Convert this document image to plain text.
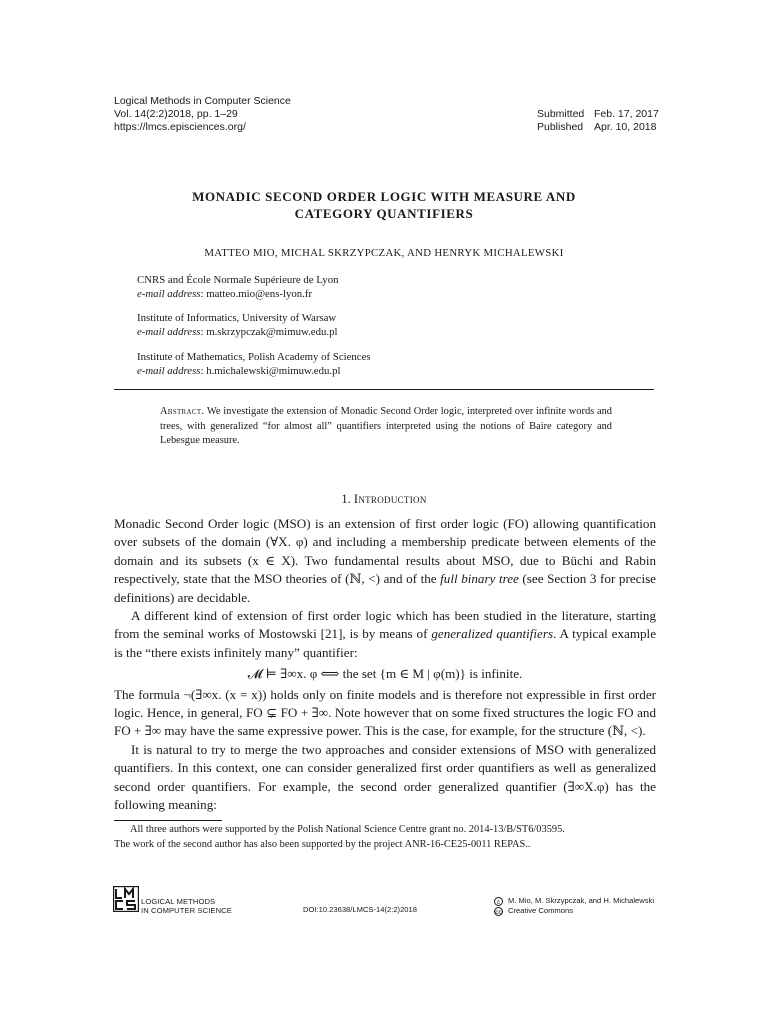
Logical Methods in Computer Science
Vol. 14(2:2)2018, pp. 1–29
https://lmcs.episciences.org/
Submitted Feb. 17, 2017
Published	Apr. 10, 2018
MONADIC SECOND ORDER LOGIC WITH MEASURE AND
CATEGORY QUANTIFIERS
MATTEO MIO, MICHAL SKRZYPCZAK, AND HENRYK MICHALEWSKI
CNRS and École Normale Supérieure de Lyon
e-mail address: matteo.mio@ens-lyon.fr
Institute of Informatics, University of Warsaw
e-mail address: m.skrzypczak@mimuw.edu.pl
Institute of Mathematics, Polish Academy of Sciences
e-mail address: h.michalewski@mimuw.edu.pl
Abstract. We investigate the extension of Monadic Second Order logic, interpreted over infinite words and trees, with generalized “for almost all” quantifiers interpreted using the notions of Baire category and Lebesgue measure.
1. Introduction

Monadic Second Order logic (MSO) is an extension of first order logic (FO) allowing quantification over subsets of the domain (∀X. φ) and including a membership predicate between elements of the domain and its subsets (x ∈ X). Two fundamental results about MSO, due to Büchi and Rabin respectively, state that the MSO theories of (ℕ, <) and of the full binary tree (see Section 3 for precise definitions) are decidable.

A different kind of extension of first order logic which has been studied in the literature, starting from the seminal works of Mostowski [21], is by means of generalized quantifiers. A typical example is the “there exists infinitely many” quantifier:

𝓜 ⊨ ∃∞x. φ ⟺ the set {m ∈ M | φ(m)} is infinite.

The formula ¬(∃∞x. (x = x)) holds only on finite models and is therefore not expressible in first order logic. Hence, in general, FO ⊊ FO + ∃∞. Note however that on some fixed structures the logic FO and FO + ∃∞ may have the same expressive power. This is the case, for example, for the structure (ℕ, <).

It is natural to try to merge the two approaches and consider extensions of MSO with generalized quantifiers. In this context, one can consider generalized first order quantifiers as well as generalized second order quantifiers. For example, the second order generalized quantifier (∃∞X.φ) has the following meaning:

All three authors were supported by the Polish National Science Centre grant no. 2014-13/B/ST6/03595.
The work of the second author has also been supported by the project ANR-16-CE25-0011 REPAS..
LOGICAL METHODS
IN COMPUTER SCIENCE	DOI:10.23638/LMCS-14(2:2)2018
c	M. Mio, M. Skrzypczak, and H. Michalewski
cc Creative Commons
